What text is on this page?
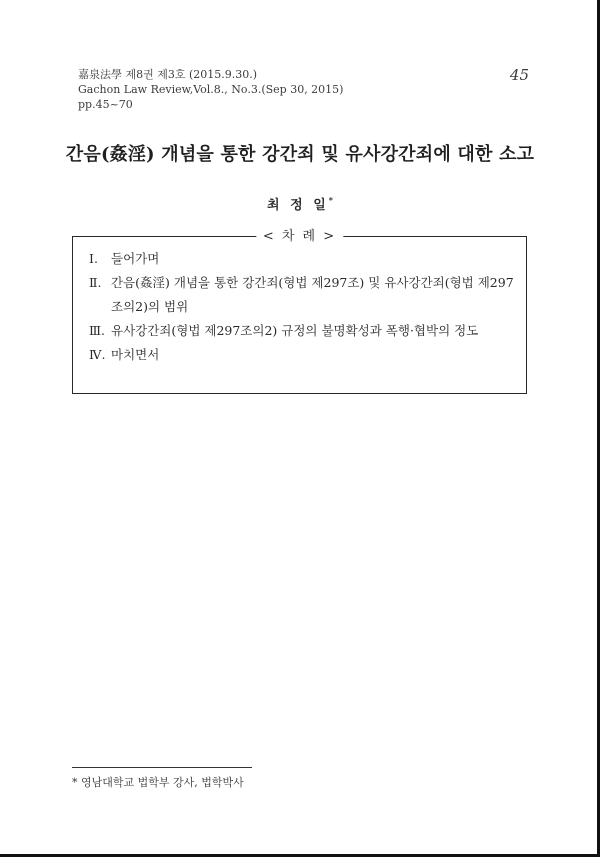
嘉泉法學 제8권 제3호 (2015.9.30.)
Gachon Law Review,Vol.8., No.3.(Sep 30, 2015)
pp.45~70
45
간음(姦淫) 개념을 통한 강간죄 및 유사강간죄에 대한 소고
최 정 일*
< 차 례 >
Ⅰ.	들어가며
Ⅱ. 간음(姦淫) 개념을 통한 강간죄(형법 제297조) 및 유사강간죄(형법 제297조의2)의 범위
Ⅲ. 유사강간죄(형법 제297조의2) 규정의 불명확성과 폭행·협박의 정도
Ⅳ. 마치면서
* 영남대학교 법학부 강사, 법학박사
